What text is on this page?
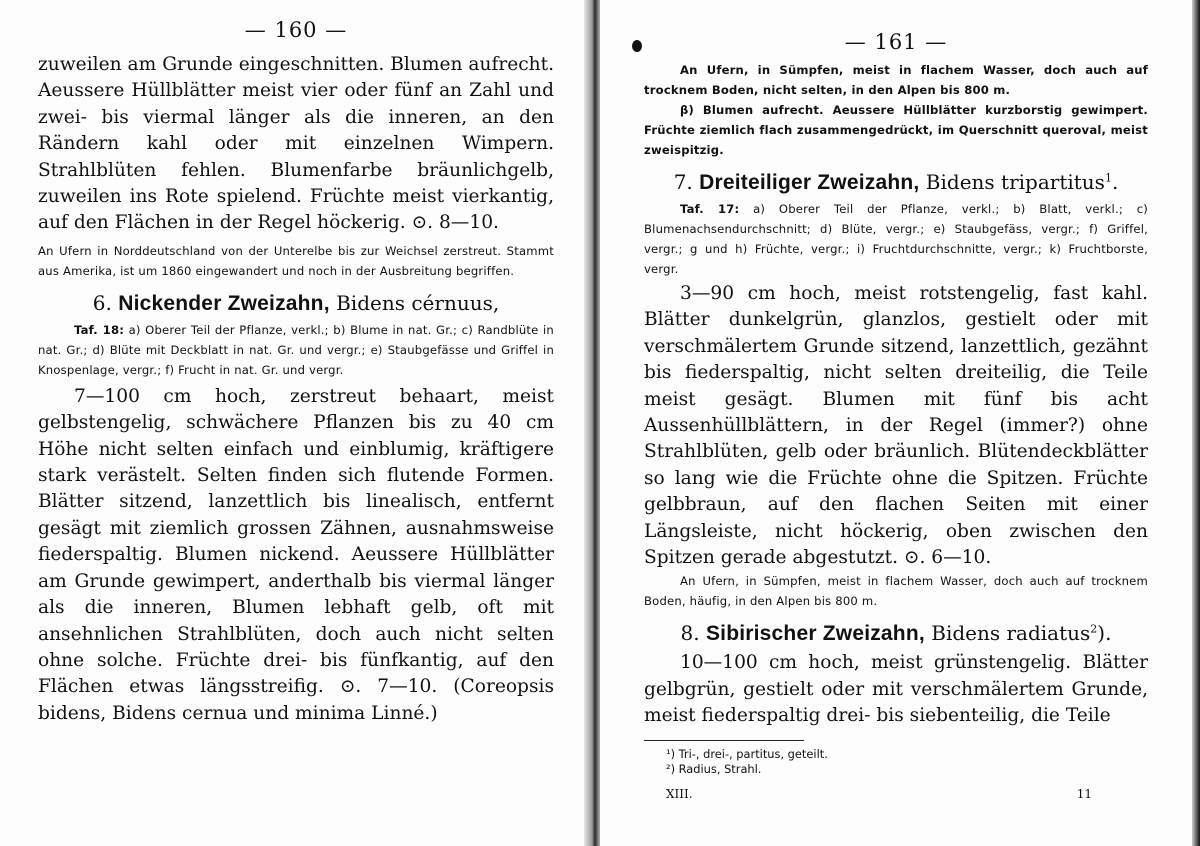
— 160 —

zuweilen am Grunde eingeschnitten. Blumen aufrecht. Aeussere Hüllblätter meist vier oder fünf an Zahl und zwei- bis viermal länger als die inneren, an den Rändern kahl oder mit einzelnen Wimpern. Strahlblüten fehlen. Blumenfarbe bräunlichgelb, zuweilen ins Rote spielend. Früchte meist vierkantig, auf den Flächen in der Regel höckerig. ⊙. 8—10.

An Ufern in Norddeutschland von der Unterelbe bis zur Weichsel zerstreut. Stammt aus Amerika, ist um 1860 eingewandert und noch in der Ausbreitung begriffen.

6. Nickender Zweizahn, Bidens cérnuus,

Taf. 18: a) Oberer Teil der Pflanze, verkl.; b) Blume in nat. Gr.; c) Randblüte in nat. Gr.; d) Blüte mit Deckblatt in nat. Gr. und vergr.; e) Staubgefässe und Griffel in Knospenlage, vergr.; f) Frucht in nat. Gr. und vergr.

7—100 cm hoch, zerstreut behaart, meist gelbstengelig, schwächere Pflanzen bis zu 40 cm Höhe nicht selten einfach und einblumig, kräftigere stark verästelt. Selten finden sich flutende Formen. Blätter sitzend, lanzettlich bis linealisch, entfernt gesägt mit ziemlich grossen Zähnen, ausnahmsweise fiederspaltig. Blumen nickend. Aeussere Hüllblätter am Grunde gewimpert, anderthalb bis viermal länger als die inneren, Blumen lebhaft gelb, oft mit ansehnlichen Strahlblüten, doch auch nicht selten ohne solche. Früchte drei- bis fünfkantig, auf den Flächen etwas längsstreifig. ⊙. 7—10. (Coreopsis bidens, Bidens cernua und minima Linné.)

— 161 —

An Ufern, in Sümpfen, meist in flachem Wasser, doch auch auf trocknem Boden, nicht selten, in den Alpen bis 800 m.

β) Blumen aufrecht. Aeussere Hüllblätter kurzborstig gewimpert. Früchte ziemlich flach zusammengedrückt, im Querschnitt queroval, meist zweispitzig.

7. Dreiteiliger Zweizahn, Bidens tripartitus$^1$.

Taf. 17: a) Oberer Teil der Pflanze, verkl.; b) Blatt, verkl.; c) Blumenachsendurchschnitt; d) Blüte, vergr.; e) Staubgefäss, vergr.; f) Griffel, vergr.; g und h) Früchte, vergr.; i) Fruchtdurchschnitte, vergr.; k) Fruchtborste, vergr.

3—90 cm hoch, meist rotstengelig, fast kahl. Blätter dunkelgrün, glanzlos, gestielt oder mit verschmälertem Grunde sitzend, lanzettlich, gezähnt bis fiederspaltig, nicht selten dreiteilig, die Teile meist gesägt. Blumen mit fünf bis acht Aussenhüllblättern, in der Regel (immer?) ohne Strahlblüten, gelb oder bräunlich. Blütendeckblätter so lang wie die Früchte ohne die Spitzen. Früchte gelbbraun, auf den flachen Seiten mit einer Längsleiste, nicht höckerig, oben zwischen den Spitzen gerade abgestutzt. ⊙. 6—10.

An Ufern, in Sümpfen, meist in flachem Wasser, doch auch auf trocknem Boden, häufig, in den Alpen bis 800 m.

8. Sibirischer Zweizahn, Bidens radiatus$^2$).

10—100 cm hoch, meist grünstengelig. Blätter gelbgrün, gestielt oder mit verschmälertem Grunde, meist fiederspaltig drei- bis siebenteilig, die Teile

¹) Tri-, drei-, partitus, geteilt.

²) Radius, Strahl.

XIII.	11
